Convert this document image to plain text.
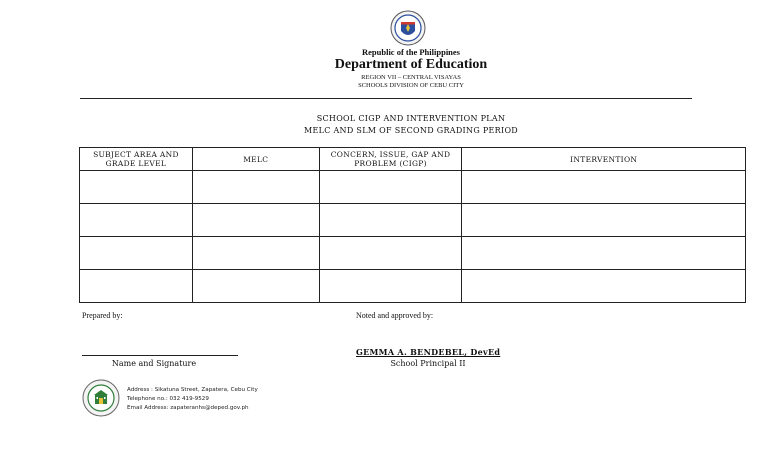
Republic of the Philippines
Department of Education
REGION VII – CENTRAL VISAYAS
SCHOOLS DIVISION OF CEBU CITY
SCHOOL CIGP AND INTERVENTION PLAN
MELC AND SLM OF SECOND GRADING PERIOD
SUBJECT AREA AND GRADE LEVEL	MELC	CONCERN, ISSUE, GAP AND PROBLEM (CIGP)	INTERVENTION

Prepared by:	Noted and approved by:
Name and Signature
GEMMA A. BENDEBEL, DevEd
School Principal II
Address : Sikatuna Street, Zapatera, Cebu City
Telephone no.: 032 419-9529
Email Address: zapateranhs@deped.gov.ph
